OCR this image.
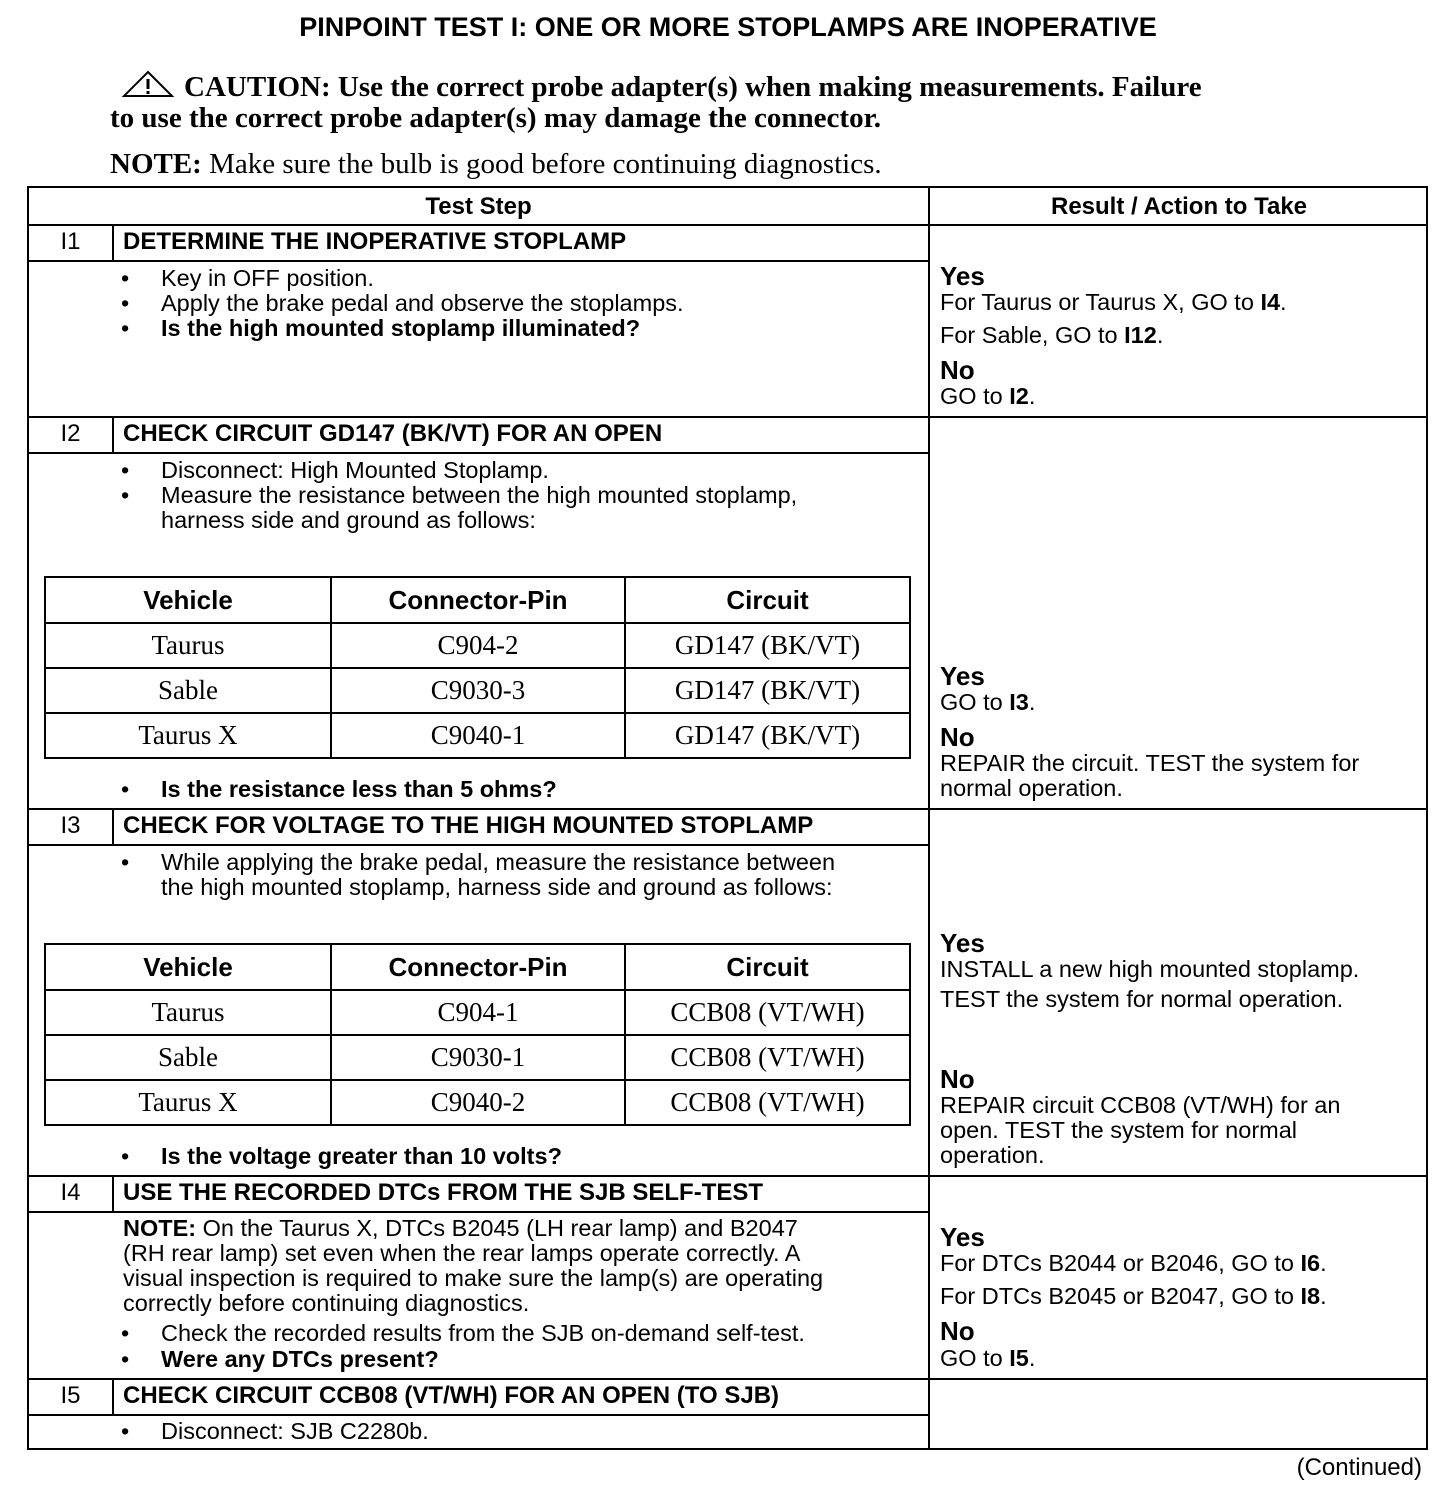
PINPOINT TEST I: ONE OR MORE STOPLAMPS ARE INOPERATIVE
CAUTION: Use the correct probe adapter(s) when making measurements. Failure
to use the correct probe adapter(s) may damage the connector.
NOTE: Make sure the bulb is good before continuing diagnostics.
Test Step	Result / Action to Take
I1	DETERMINE THE INOPERATIVE STOPLAMP
• Key in OFF position.
• Apply the brake pedal and observe the stoplamps.
• Is the high mounted stoplamp illuminated?
Yes
For Taurus or Taurus X, GO to I4.
For Sable, GO to I12.
No
GO to I2.
I2	CHECK CIRCUIT GD147 (BK/VT) FOR AN OPEN
• Disconnect: High Mounted Stoplamp.
• Measure the resistance between the high mounted stoplamp,
harness side and ground as follows:
Vehicle	Connector-Pin	Circuit
Taurus	C904-2	GD147 (BK/VT)
Sable	C9030-3	GD147 (BK/VT)
Taurus X	C9040-1	GD147 (BK/VT)
• Is the resistance less than 5 ohms?
Yes
GO to I3.
No
REPAIR the circuit. TEST the system for
normal operation.
I3	CHECK FOR VOLTAGE TO THE HIGH MOUNTED STOPLAMP
• While applying the brake pedal, measure the resistance between
the high mounted stoplamp, harness side and ground as follows:
Vehicle	Connector-Pin	Circuit
Taurus	C904-1	CCB08 (VT/WH)
Sable	C9030-1	CCB08 (VT/WH)
Taurus X	C9040-2	CCB08 (VT/WH)
• Is the voltage greater than 10 volts?
Yes
INSTALL a new high mounted stoplamp.
TEST the system for normal operation.
No
REPAIR circuit CCB08 (VT/WH) for an
open. TEST the system for normal
operation.
I4	USE THE RECORDED DTCs FROM THE SJB SELF-TEST
NOTE: On the Taurus X, DTCs B2045 (LH rear lamp) and B2047
(RH rear lamp) set even when the rear lamps operate correctly. A
visual inspection is required to make sure the lamp(s) are operating
correctly before continuing diagnostics.
• Check the recorded results from the SJB on-demand self-test.
• Were any DTCs present?
Yes
For DTCs B2044 or B2046, GO to I6.
For DTCs B2045 or B2047, GO to I8.
No
GO to I5.
I5	CHECK CIRCUIT CCB08 (VT/WH) FOR AN OPEN (TO SJB)
• Disconnect: SJB C2280b.
(Continued)
